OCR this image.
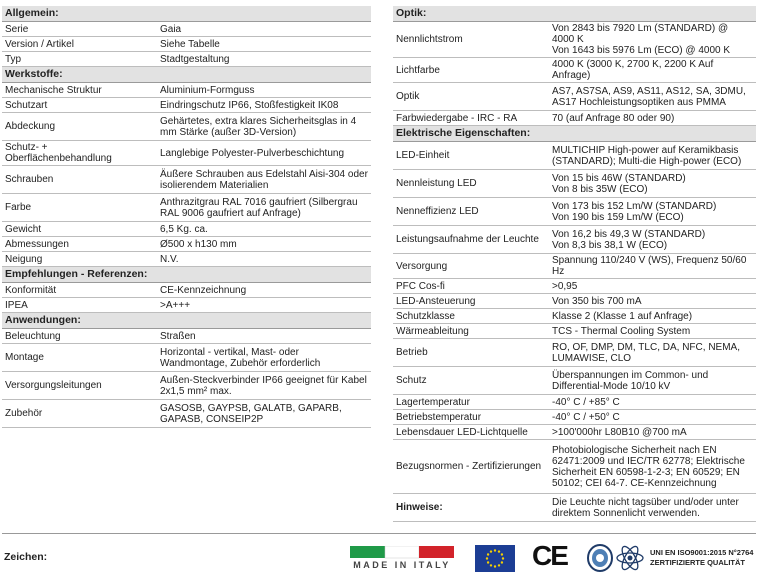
Allgemein:	
Serie	Gaia
Version / Artikel	Siehe Tabelle
Typ	Stadtgestaltung
Werkstoffe:	
Mechanische Struktur	Aluminium-Formguss
Schutzart	Eindringschutz IP66, Stoßfestigkeit IK08
Abdeckung	Gehärtetes, extra klares Sicherheitsglas in 4 mm Stärke (außer 3D-Version)
Schutz- + Oberflächenbehandlung	Langlebige Polyester-Pulverbeschichtung
Schrauben	Äußere Schrauben aus Edelstahl Aisi-304 oder isolierendem Materialien
Farbe	Anthrazitgrau RAL 7016 gaufriert (Silbergrau RAL 9006 gaufriert auf Anfrage)
Gewicht	6,5 Kg. ca.
Abmessungen	Ø500 x h130 mm
Neigung	N.V.
Empfehlungen - Referenzen:	
Konformität	CE-Kennzeichnung
IPEA	>A+++
Anwendungen:	
Beleuchtung	Straßen
Montage	Horizontal - vertikal, Mast- oder Wandmontage, Zubehör erforderlich
Versorgungsleitungen	Außen-Steckverbinder IP66 geeignet für Kabel 2x1,5 mm² max.
Zubehör	GASOSB, GAYPSB, GALATB, GAPARB, GAPASB, CONSEIP2P
Optik:	
Nennlichtstrom	Von 2843 bis 7920 Lm (STANDARD) @ 4000 K
Von 1643 bis 5976 Lm (ECO) @ 4000 K
Lichtfarbe	4000 K (3000 K, 2700 K, 2200 K Auf Anfrage)
Optik	AS7, AS7SA, AS9, AS11, AS12, SA, 3DMU, AS17 Hochleistungsoptiken aus PMMA
Farbwiedergabe - IRC - RA	70 (auf Anfrage 80 oder 90)
Elektrische Eigenschaften:	
LED-Einheit	MULTICHIP High-power auf Keramikbasis (STANDARD); Multi-die High-power (ECO)
Nennleistung LED	Von 15 bis 46W (STANDARD)
Von 8 bis 35W (ECO)
Nenneffizienz LED	Von 173 bis 152 Lm/W (STANDARD)
Von 190 bis 159 Lm/W (ECO)
Leistungsaufnahme der Leuchte	Von 16,2 bis 49,3 W (STANDARD)
Von 8,3 bis 38,1 W (ECO)
Versorgung	Spannung 110/240 V (WS), Frequenz 50/60 Hz
PFC Cos-fi	>0,95
LED-Ansteuerung	Von 350 bis 700 mA
Schutzklasse	Klasse 2 (Klasse 1 auf Anfrage)
Wärmeableitung	TCS - Thermal Cooling System
Betrieb	RO, OF, DMP, DM, TLC, DA, NFC, NEMA, LUMAWISE, CLO
Schutz	Überspannungen im Common- und Differential-Mode 10/10 kV
Lagertemperatur	-40° C / +85° C
Betriebstemperatur	-40° C / +50° C
Lebensdauer LED-Lichtquelle	>100'000hr L80B10 @700 mA
Bezugsnormen - Zertifizierungen	Photobiologische Sicherheit nach EN 62471:2009 und IEC/TR 62778; Elektrische Sicherheit EN 60598-1-2-3; EN 60529; EN 50102; CEI 64-7. CE-Kennzeichnung
Hinweise:	Die Leuchte nicht tagsüber und/oder unter direktem Sonnenlicht verwenden.
Zeichen:
MADE IN ITALY	CE	UNI EN ISO9001:2015 N°2764
ZERTIFIZIERTE QUALITÄT
